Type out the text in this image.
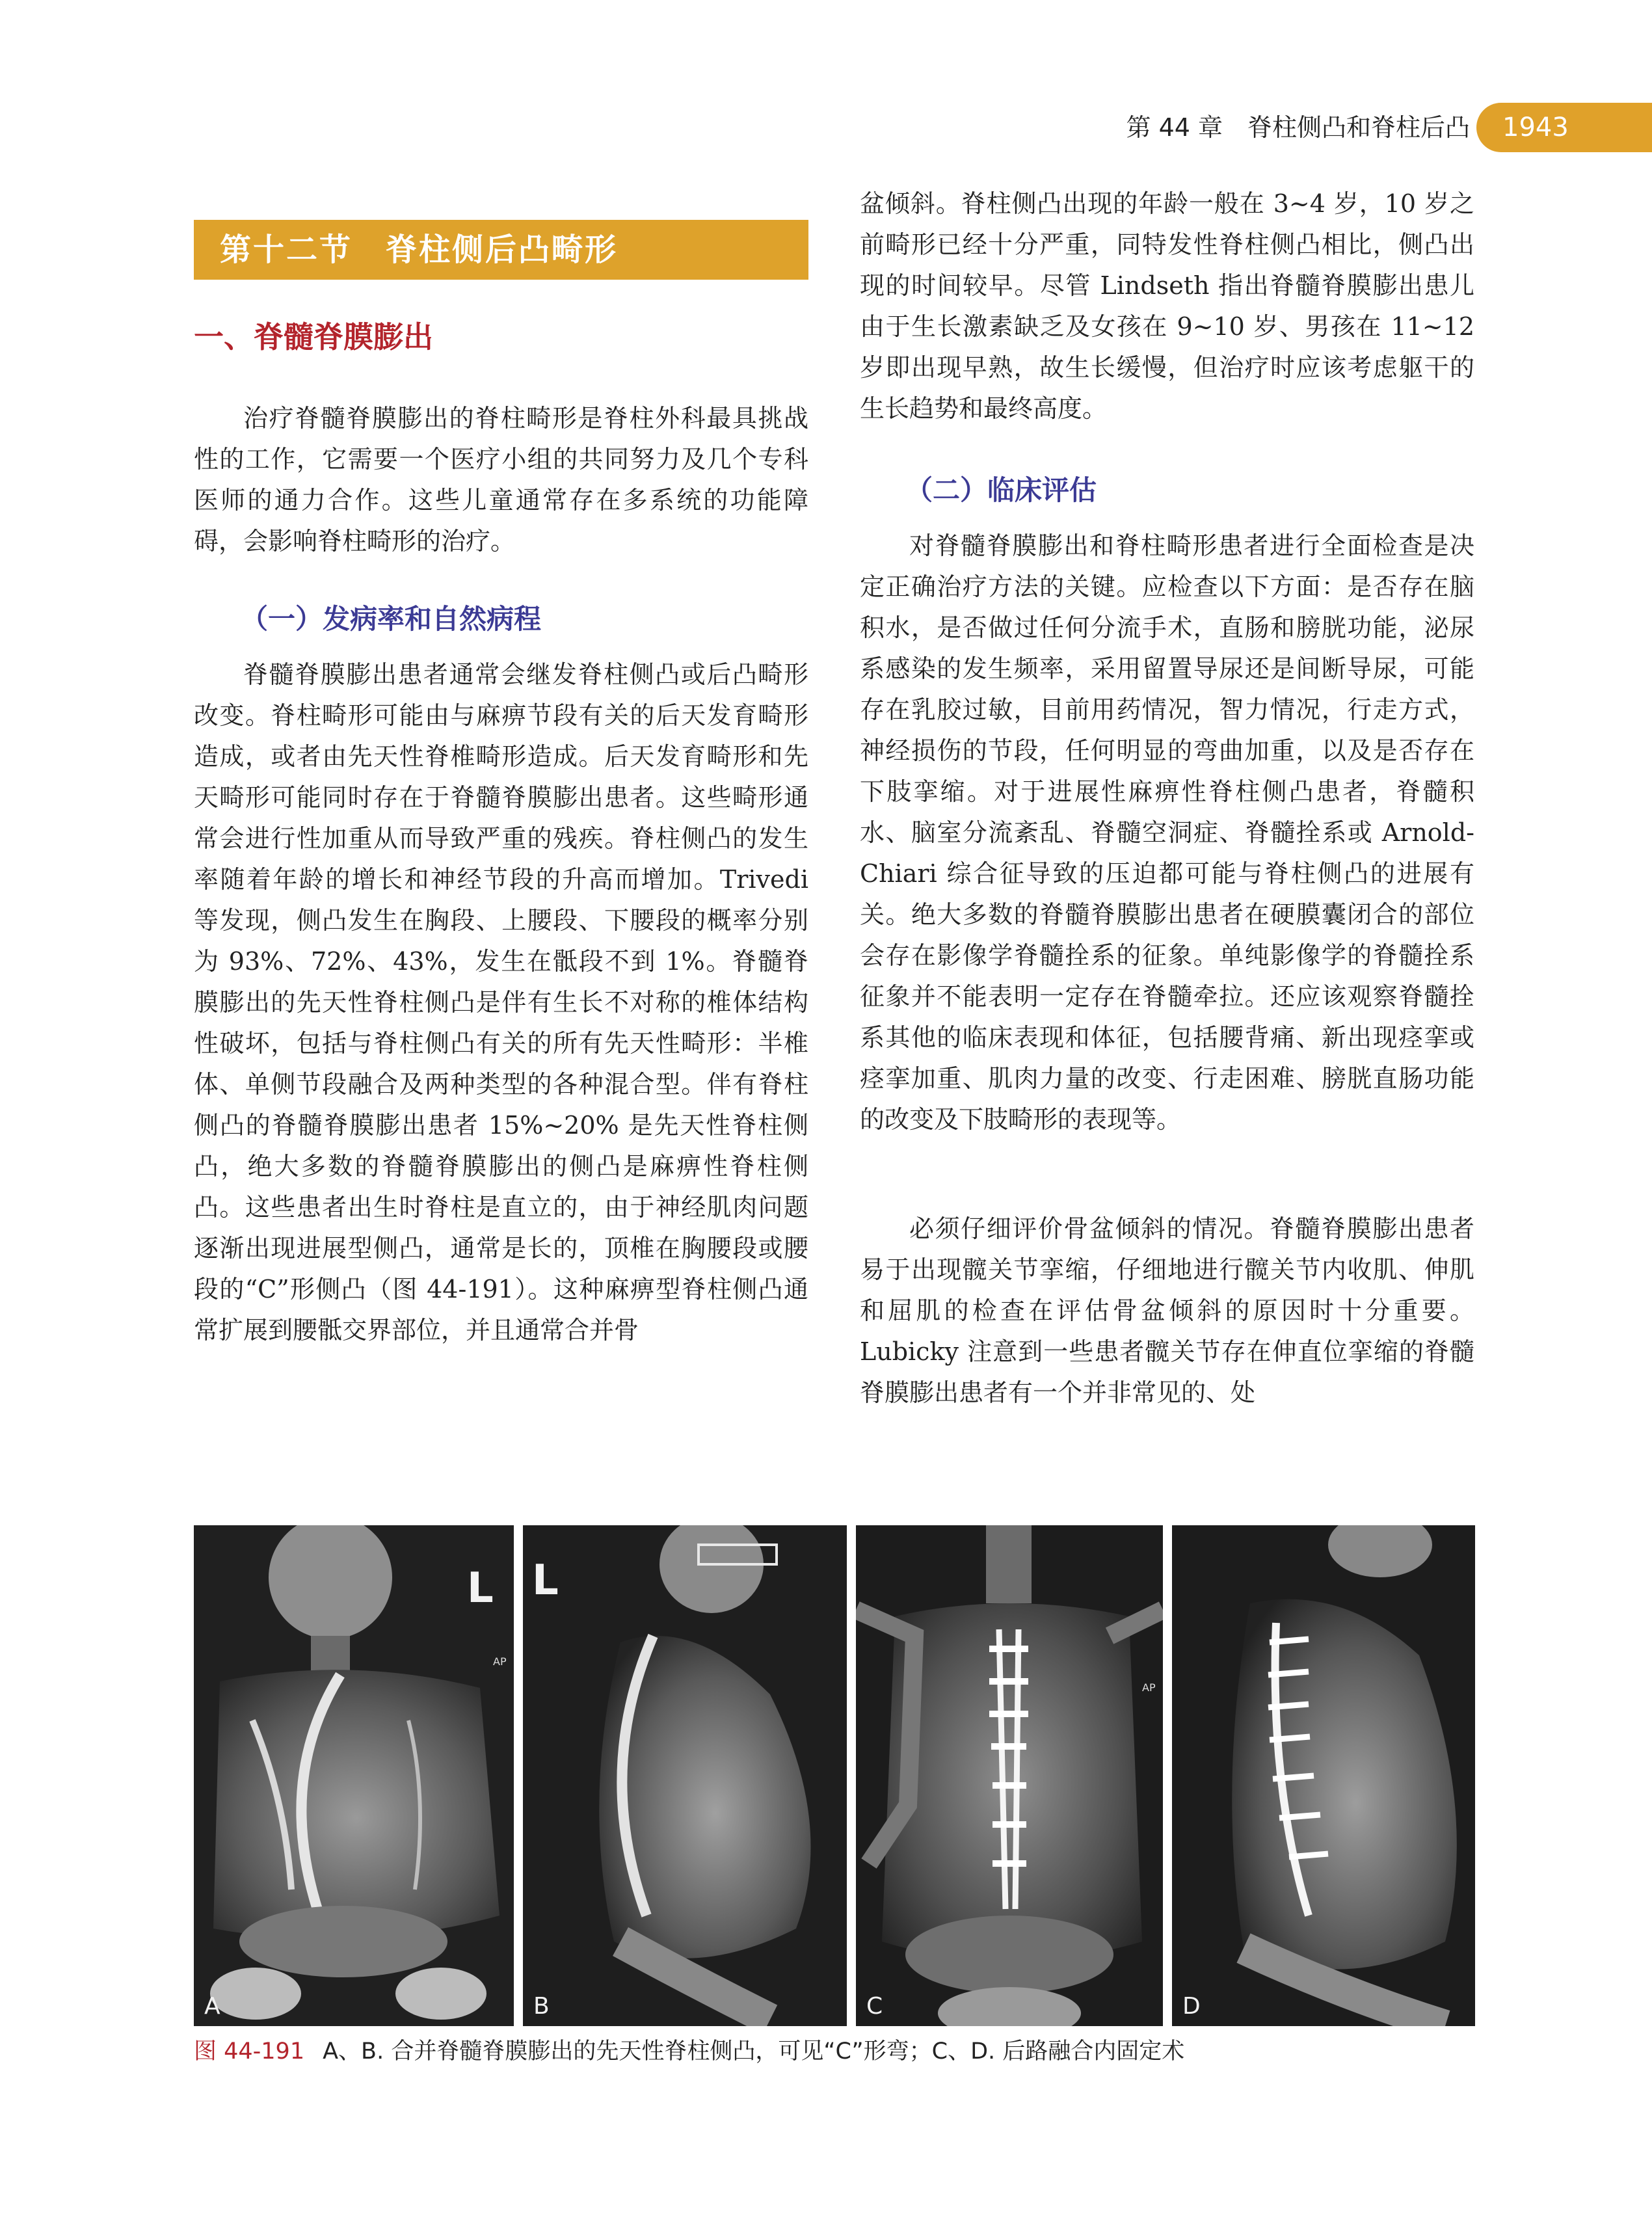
第 44 章　脊柱侧凸和脊柱后凸 1943
第十二节　脊柱侧后凸畸形
一、脊髓脊膜膨出

治疗脊髓脊膜膨出的脊柱畸形是脊柱外科最具挑战性的工作，它需要一个医疗小组的共同努力及几个专科医师的通力合作。这些儿童通常存在多系统的功能障碍，会影响脊柱畸形的治疗。

（一）发病率和自然病程

脊髓脊膜膨出患者通常会继发脊柱侧凸或后凸畸形改变。脊柱畸形可能由与麻痹节段有关的后天发育畸形造成，或者由先天性脊椎畸形造成。后天发育畸形和先天畸形可能同时存在于脊髓脊膜膨出患者。这些畸形通常会进行性加重从而导致严重的残疾。脊柱侧凸的发生率随着年龄的增长和神经节段的升高而增加。Trivedi 等发现，侧凸发生在胸段、上腰段、下腰段的概率分别为 93%、72%、43%，发生在骶段不到 1%。脊髓脊膜膨出的先天性脊柱侧凸是伴有生长不对称的椎体结构性破坏，包括与脊柱侧凸有关的所有先天性畸形：半椎体、单侧节段融合及两种类型的各种混合型。伴有脊柱侧凸的脊髓脊膜膨出患者 15%~20% 是先天性脊柱侧凸，绝大多数的脊髓脊膜膨出的侧凸是麻痹性脊柱侧凸。这些患者出生时脊柱是直立的，由于神经肌肉问题逐渐出现进展型侧凸，通常是长的，顶椎在胸腰段或腰段的“C”形侧凸（图 44-191）。这种麻痹型脊柱侧凸通常扩展到腰骶交界部位，并且通常合并骨

盆倾斜。脊柱侧凸出现的年龄一般在 3~4 岁，10 岁之前畸形已经十分严重，同特发性脊柱侧凸相比，侧凸出现的时间较早。尽管 Lindseth 指出脊髓脊膜膨出患儿由于生长激素缺乏及女孩在 9~10 岁、男孩在 11~12 岁即出现早熟，故生长缓慢，但治疗时应该考虑躯干的生长趋势和最终高度。

（二）临床评估

对脊髓脊膜膨出和脊柱畸形患者进行全面检查是决定正确治疗方法的关键。应检查以下方面：是否存在脑积水，是否做过任何分流手术，直肠和膀胱功能，泌尿系感染的发生频率，采用留置导尿还是间断导尿，可能存在乳胶过敏，目前用药情况，智力情况，行走方式，神经损伤的节段，任何明显的弯曲加重，以及是否存在下肢挛缩。对于进展性麻痹性脊柱侧凸患者，脊髓积水、脑室分流紊乱、脊髓空洞症、脊髓拴系或 Arnold-Chiari 综合征导致的压迫都可能与脊柱侧凸的进展有关。绝大多数的脊髓脊膜膨出患者在硬膜囊闭合的部位会存在影像学脊髓拴系的征象。单纯影像学的脊髓拴系征象并不能表明一定存在脊髓牵拉。还应该观察脊髓拴系其他的临床表现和体征，包括腰背痛、新出现痉挛或痉挛加重、肌肉力量的改变、行走困难、膀胱直肠功能的改变及下肢畸形的表现等。

必须仔细评价骨盆倾斜的情况。脊髓脊膜膨出患者易于出现髋关节挛缩，仔细地进行髋关节内收肌、伸肌和屈肌的检查在评估骨盆倾斜的原因时十分重要。Lubicky 注意到一些患者髋关节存在伸直位挛缩的脊髓脊膜膨出患者有一个并非常见的、处

L
AP
A
L
B
AP
C	D
图 44-191 A、B. 合并脊髓脊膜膨出的先天性脊柱侧凸，可见“C”形弯；C、D. 后路融合内固定术
